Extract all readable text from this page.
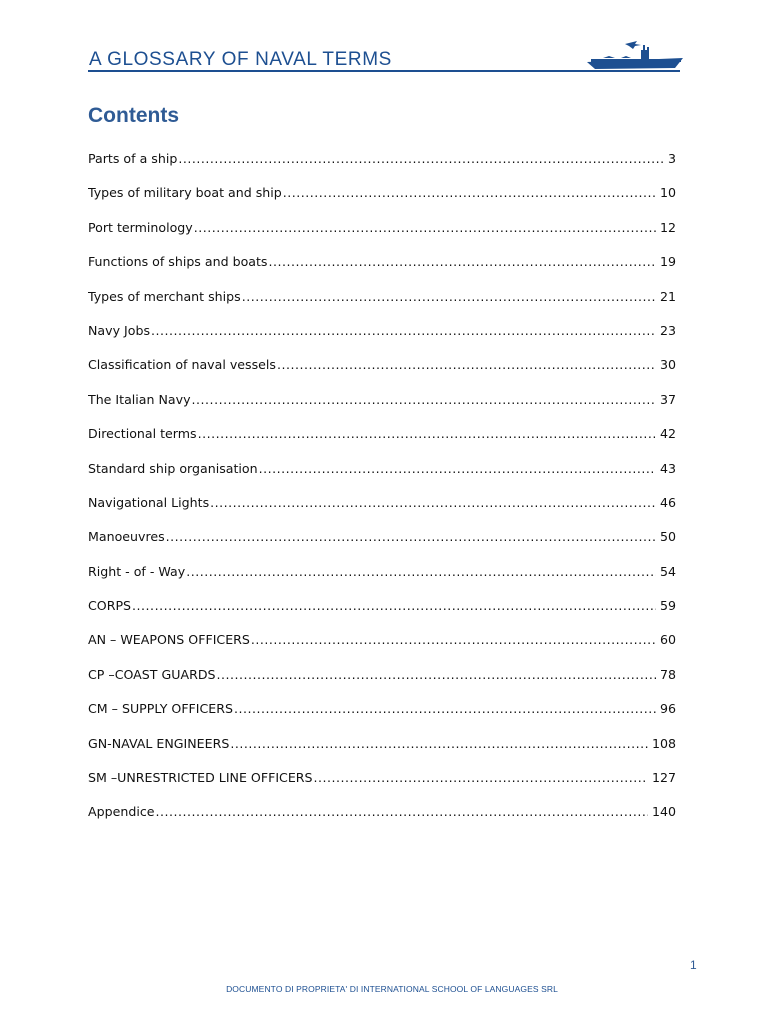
A GLOSSARY OF NAVAL TERMS
Contents
Parts of a ship .....	3
Types of military boat and ship .....	10
Port terminology .....	12
Functions of ships and boats .....	19
Types of merchant ships .....	21
Navy Jobs .....	23
Classification of naval vessels .....	30
The Italian Navy .....	37
Directional terms .....	42
Standard ship organisation .....	43
Navigational Lights .....	46
Manoeuvres .....	50
Right - of - Way .....	54
CORPS .....	59
AN – WEAPONS OFFICERS .....	60
CP –COAST GUARDS .....	78
CM – SUPPLY OFFICERS .....	96
GN-NAVAL ENGINEERS .....	108
SM –UNRESTRICTED LINE OFFICERS .....	127
Appendice .....	140
1
DOCUMENTO DI PROPRIETA' DI INTERNATIONAL SCHOOL OF LANGUAGES SRL
